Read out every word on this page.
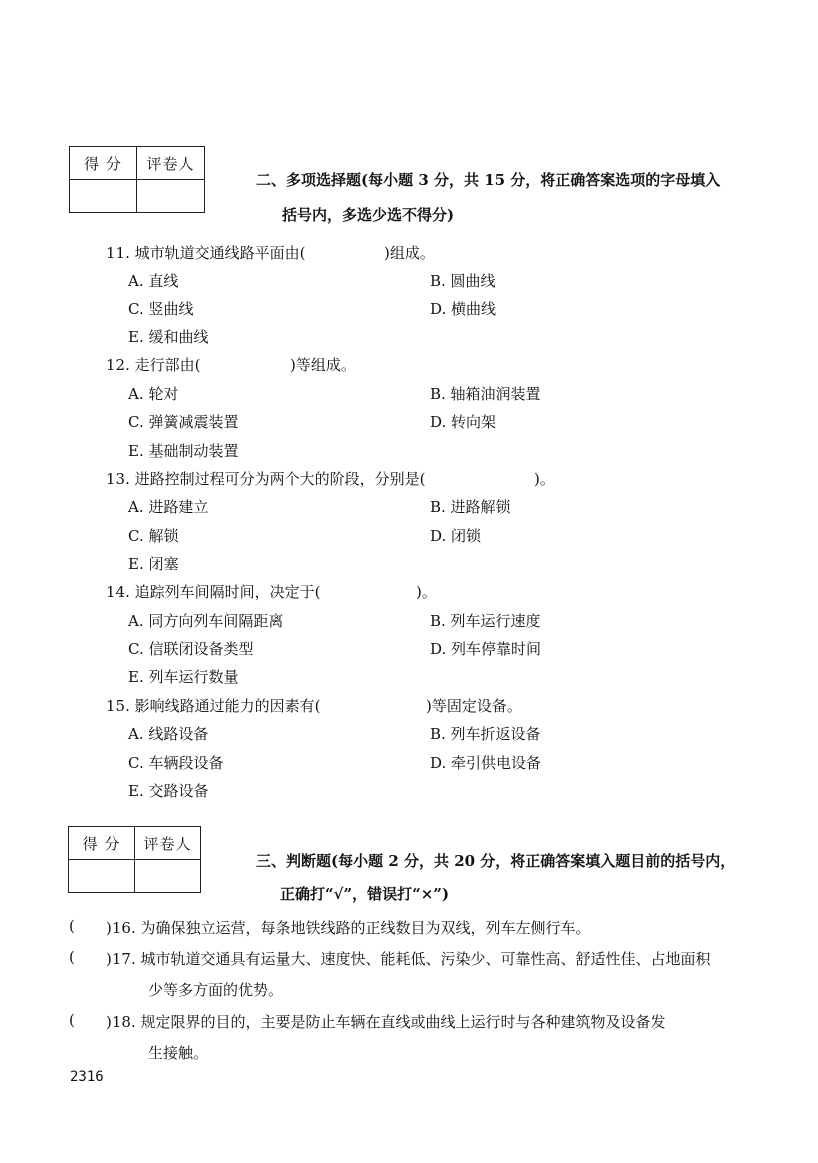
得 分	评卷人

二、多项选择题(每小题 3 分，共 15 分，将正确答案选项的字母填入
括号内，多选少选不得分)
11. 城市轨道交通线路平面由(	)组成。
A. 直线	B. 圆曲线
C. 竖曲线	D. 横曲线
E. 缓和曲线
12. 走行部由(	)等组成。
A. 轮对	B. 轴箱油润装置
C. 弹簧减震装置	D. 转向架
E. 基础制动装置
13. 进路控制过程可分为两个大的阶段，分别是(	)。
A. 进路建立	B. 进路解锁
C. 解锁	D. 闭锁
E. 闭塞
14. 追踪列车间隔时间，决定于(	)。
A. 同方向列车间隔距离	B. 列车运行速度
C. 信联闭设备类型	D. 列车停靠时间
E. 列车运行数量
15. 影响线路通过能力的因素有(	)等固定设备。
A. 线路设备	B. 列车折返设备
C. 车辆段设备	D. 牵引供电设备
E. 交路设备
得 分	评卷人

三、判断题(每小题 2 分，共 20 分，将正确答案填入题目前的括号内，
正确打“√”，错误打“×”)
( )16. 为确保独立运营，每条地铁线路的正线数目为双线，列车左侧行车。
( )17. 城市轨道交通具有运量大、速度快、能耗低、污染少、可靠性高、舒适性佳、占地面积
少等多方面的优势。
( )18. 规定限界的目的，主要是防止车辆在直线或曲线上运行时与各种建筑物及设备发
生接触。
2316
